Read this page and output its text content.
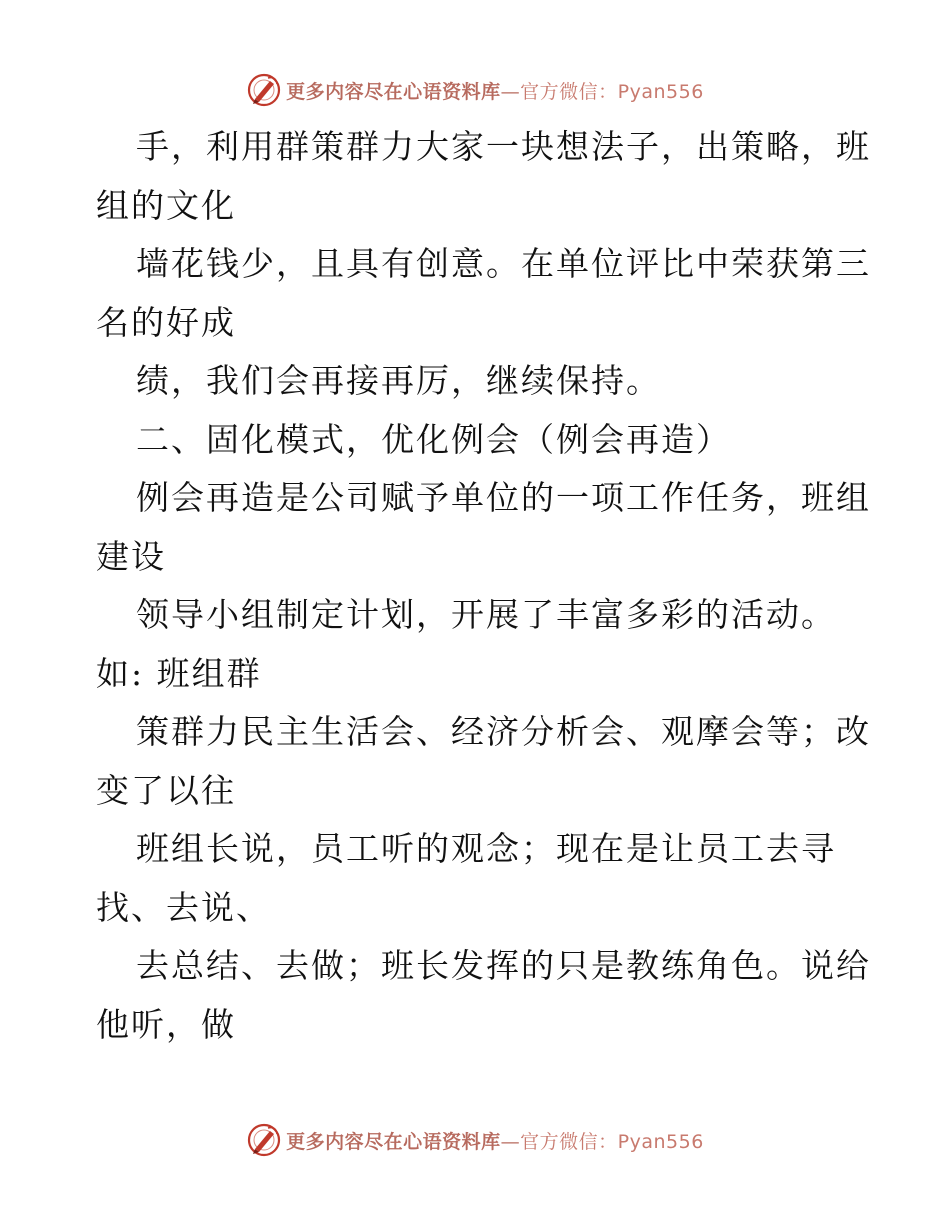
更多内容尽在心语资料库—官方微信：Pyan556
手，利用群策群力大家一块想法子，出策略，班
组的文化
墙花钱少，且具有创意。在单位评比中荣获第三
名的好成
绩，我们会再接再厉，继续保持。
二、固化模式，优化例会（例会再造）
例会再造是公司赋予单位的一项工作任务，班组
建设
领导小组制定计划，开展了丰富多彩的活动。
如: 班组群
策群力民主生活会、经济分析会、观摩会等；改
变了以往
班组长说，员工听的观念；现在是让员工去寻
找、去说、
去总结、去做；班长发挥的只是教练角色。说给
他听，做
更多内容尽在心语资料库—官方微信：Pyan556
